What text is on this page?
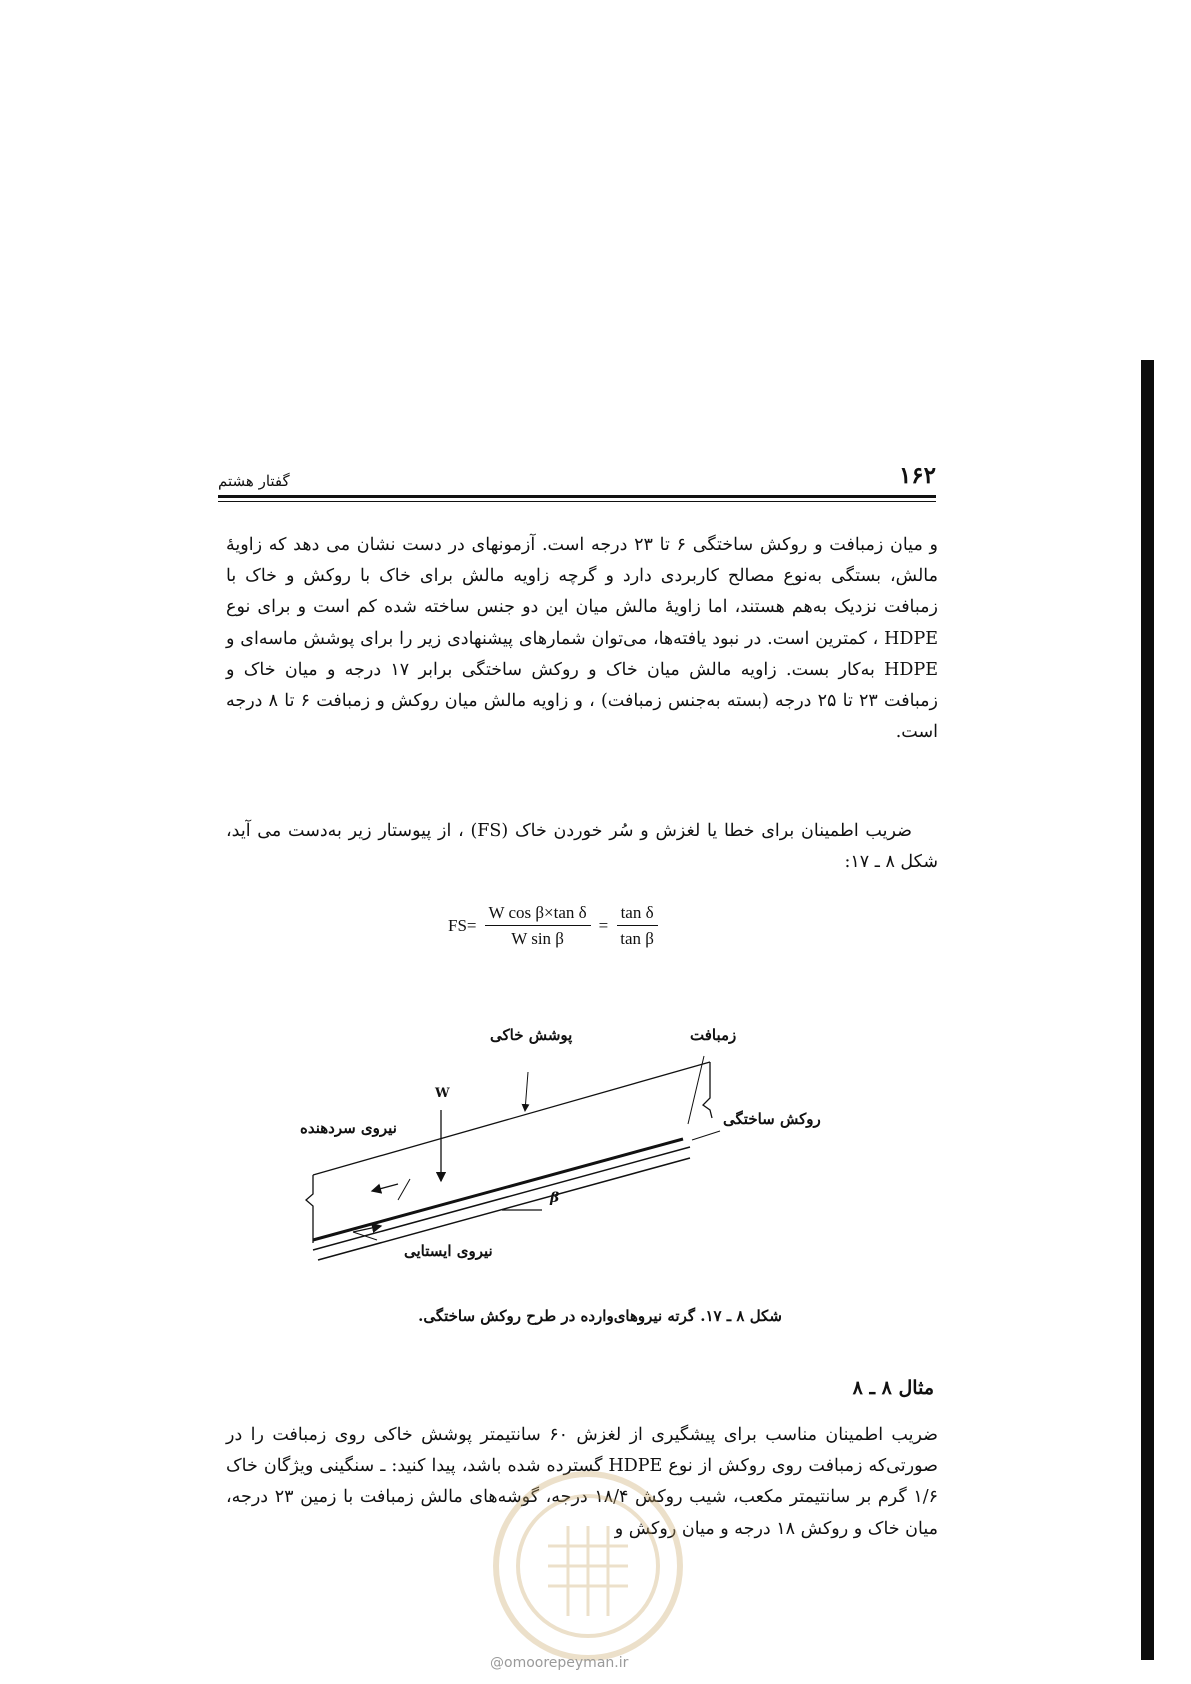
۱۶۲
گفتار هشتم
و میان زمبافت و روکش ساختگی ۶ تا ۲۳ درجه است. آزمونهای در دست نشان می دهد که زاویهٔ مالش، بستگی به‌نوع مصالح کاربردی دارد و گرچه زاویه مالش برای خاک با روکش و خاک با زمبافت نزدیک به‌هم هستند، اما زاویهٔ مالش میان این دو جنس ساخته شده کم است و برای نوع HDPE ، کمترین است. در نبود یافته‌ها، می‌توان شمارهای پیشنهادی زیر را برای پوشش ماسه‌ای و HDPE به‌کار بست. زاویه مالش میان خاک و روکش ساختگی برابر ۱۷ درجه و میان خاک و زمبافت ۲۳ تا ۲۵ درجه (بسته به‌جنس زمبافت) ، و زاویه مالش میان روکش و زمبافت ۶ تا ۸ درجه است.
ضریب اطمینان برای خطا یا لغزش و سُر خوردن خاک (FS) ، از پیوستار زیر به‌دست می آید، شکل ۸ ـ ۱۷:
$FS= \frac{\text{W cos β×tan δ}}{\text{W sin β}} = \frac{\text{tan δ}}{\text{tan β}}$
پوشش خاکی	زمبافت
روکش ساختگی
W
نیروی سردهنده
نیروی ایستایی
β
شکل ۸ ـ ۱۷. گرته نیروهای‌وارده در طرح روکش ساختگی.
مثال ۸ ـ ۸
ضریب اطمینان مناسب برای پیشگیری از لغزش ۶۰ سانتیمتر پوشش خاکی روی زمبافت را در صورتی‌که زمبافت روی روکش از نوع HDPE گسترده شده باشد، پیدا کنید: ـ سنگینی ویژگان خاک ۱/۶ گرم بر سانتیمتر مکعب، شیب روکش ۱۸/۴ درجه، گوشه‌های مالش زمبافت با زمین ۲۳ درجه، میان خاک و روکش ۱۸ درجه و میان روکش و
@omoorepeyman.ir
